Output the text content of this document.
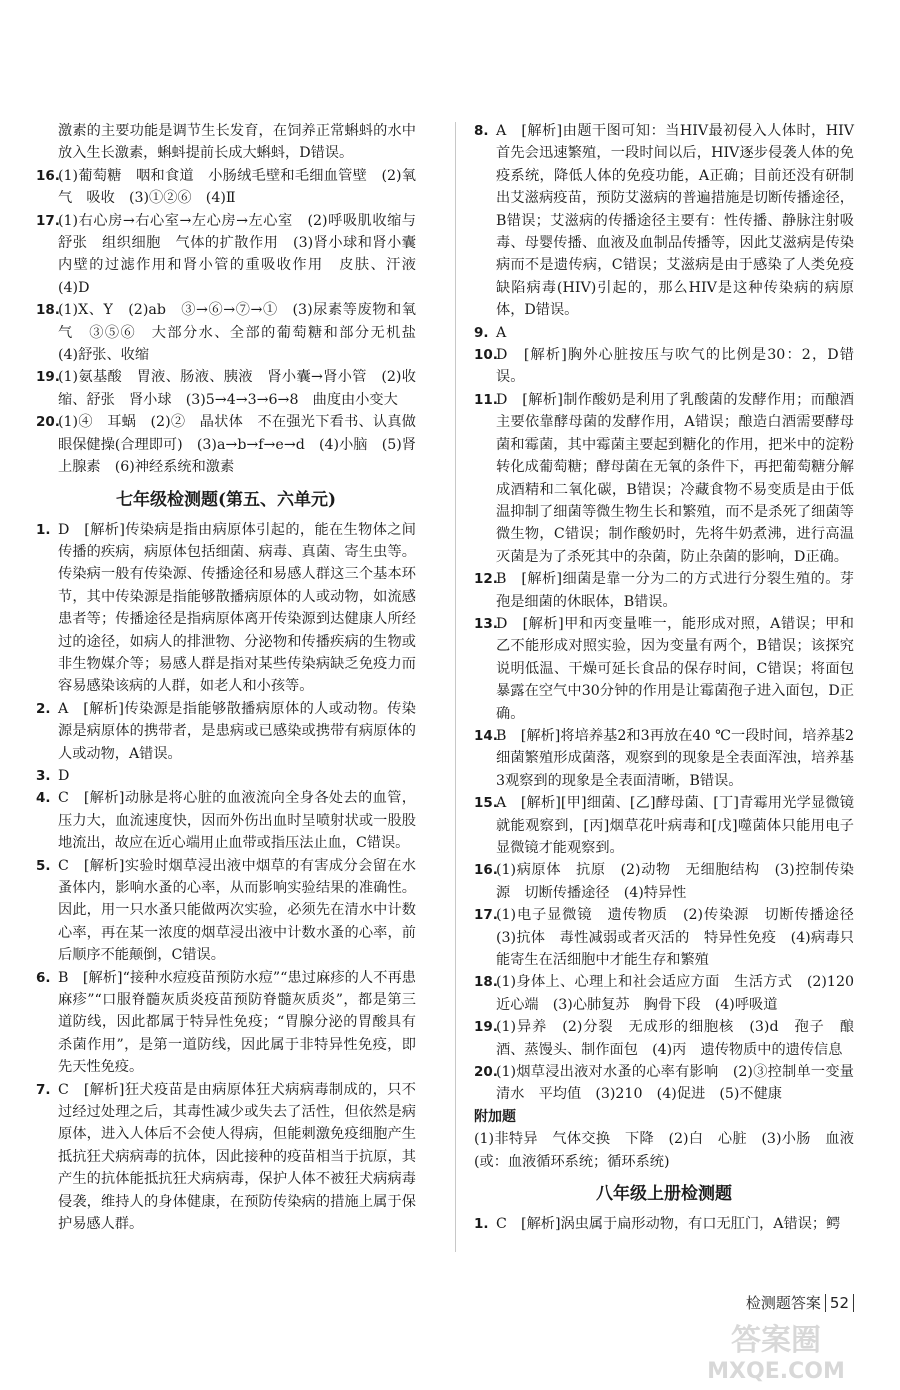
激素的主要功能是调节生长发育，在饲养正常蝌蚪的水中放入生长激素，蝌蚪提前长成大蝌蚪，D错误。
16.
(1)葡萄糖　咽和食道　小肠绒毛壁和毛细血管壁　(2)氧气　吸收　(3)①②⑥　(4)Ⅱ
17.
(1)右心房→右心室→左心房→左心室　(2)呼吸肌收缩与舒张　组织细胞　气体的扩散作用　(3)肾小球和肾小囊内壁的过滤作用和肾小管的重吸收作用　皮肤、汗液　(4)D
18.
(1)X、Y　(2)ab　③→⑥→⑦→①　(3)尿素等废物和氧气　③⑤⑥　大部分水、全部的葡萄糖和部分无机盐　(4)舒张、收缩
19.
(1)氨基酸　胃液、肠液、胰液　肾小囊→肾小管　(2)收缩、舒张　肾小球　(3)5→4→3→6→8　曲度由小变大
20.
(1)④　耳蜗　(2)②　晶状体　不在强光下看书、认真做眼保健操(合理即可)　(3)a→b→f→e→d　(4)小脑　(5)肾上腺素　(6)神经系统和激素
七年级检测题(第五、六单元)
1. D　[解析]传染病是指由病原体引起的，能在生物体之间传播的疾病，病原体包括细菌、病毒、真菌、寄生虫等。传染病一般有传染源、传播途径和易感人群这三个基本环节，其中传染源是指能够散播病原体的人或动物，如流感患者等；传播途径是指病原体离开传染源到达健康人所经过的途径，如病人的排泄物、分泌物和传播疾病的生物或非生物媒介等；易感人群是指对某些传染病缺乏免疫力而容易感染该病的人群，如老人和小孩等。
2. A　[解析]传染源是指能够散播病原体的人或动物。传染源是病原体的携带者，是患病或已感染或携带有病原体的人或动物，A错误。
3. D
4. C　[解析]动脉是将心脏的血液流向全身各处去的血管，压力大，血流速度快，因而外伤出血时呈喷射状或一股股地流出，故应在近心端用止血带或指压法止血，C错误。
5. C　[解析]实验时烟草浸出液中烟草的有害成分会留在水蚤体内，影响水蚤的心率，从而影响实验结果的准确性。因此，用一只水蚤只能做两次实验，必须先在清水中计数心率，再在某一浓度的烟草浸出液中计数水蚤的心率，前后顺序不能颠倒，C错误。
6. B　[解析]“接种水痘疫苗预防水痘”“患过麻疹的人不再患麻疹”“口服脊髓灰质炎疫苗预防脊髓灰质炎”，都是第三道防线，因此都属于特异性免疫；“胃腺分泌的胃酸具有杀菌作用”，是第一道防线，因此属于非特异性免疫，即先天性免疫。
7. C　[解析]狂犬疫苗是由病原体狂犬病病毒制成的，只不过经过处理之后，其毒性减少或失去了活性，但依然是病原体，进入人体后不会使人得病，但能刺激免疫细胞产生抵抗狂犬病病毒的抗体，因此接种的疫苗相当于抗原，其产生的抗体能抵抗狂犬病病毒，保护人体不被狂犬病病毒侵袭，维持人的身体健康，在预防传染病的措施上属于保护易感人群。
8. A　[解析]由题干图可知：当HIV最初侵入人体时，HIV首先会迅速繁殖，一段时间以后，HIV逐步侵袭人体的免疫系统，降低人体的免疫功能，A正确；目前还没有研制出艾滋病疫苗，预防艾滋病的普遍措施是切断传播途径，B错误；艾滋病的传播途径主要有：性传播、静脉注射吸毒、母婴传播、血液及血制品传播等，因此艾滋病是传染病而不是遗传病，C错误；艾滋病是由于感染了人类免疫缺陷病毒(HIV)引起的，那么HIV是这种传染病的病原体，D错误。
9. A
10.
D　[解析]胸外心脏按压与吹气的比例是30：2，D错误。
11.
D　[解析]制作酸奶是利用了乳酸菌的发酵作用；而酿酒主要依靠酵母菌的发酵作用，A错误；酿造白酒需要酵母菌和霉菌，其中霉菌主要起到糖化的作用，把米中的淀粉转化成葡萄糖；酵母菌在无氧的条件下，再把葡萄糖分解成酒精和二氧化碳，B错误；冷藏食物不易变质是由于低温抑制了细菌等微生物生长和繁殖，而不是杀死了细菌等微生物，C错误；制作酸奶时，先将牛奶煮沸，进行高温灭菌是为了杀死其中的杂菌，防止杂菌的影响，D正确。
12.
B　[解析]细菌是靠一分为二的方式进行分裂生殖的。芽孢是细菌的休眠体，B错误。
13.
D　[解析]甲和丙变量唯一，能形成对照，A错误；甲和乙不能形成对照实验，因为变量有两个，B错误；该探究说明低温、干燥可延长食品的保存时间，C错误；将面包暴露在空气中30分钟的作用是让霉菌孢子进入面包，D正确。
14.
B　[解析]将培养基2和3再放在40 ℃一段时间，培养基2细菌繁殖形成菌落，观察到的现象是全表面浑浊，培养基3观察到的现象是全表面清晰，B错误。
15.
A　[解析][甲]细菌、[乙]酵母菌、[丁]青霉用光学显微镜就能观察到，[丙]烟草花叶病毒和[戊]噬菌体只能用电子显微镜才能观察到。
16.
(1)病原体　抗原　(2)动物　无细胞结构　(3)控制传染源　切断传播途径　(4)特异性
17.
(1)电子显微镜　遗传物质　(2)传染源　切断传播途径　(3)抗体　毒性减弱或者灭活的　特异性免疫　(4)病毒只能寄生在活细胞中才能生存和繁殖
18.
(1)身体上、心理上和社会适应方面　生活方式　(2)120　近心端　(3)心肺复苏　胸骨下段　(4)呼吸道
19.
(1)异养　(2)分裂　无成形的细胞核　(3)d　孢子　酿酒、蒸馒头、制作面包　(4)丙　遗传物质中的遗传信息
20.
(1)烟草浸出液对水蚤的心率有影响　(2)③控制单一变量　清水　平均值　(3)210　(4)促进　(5)不健康
附加题
(1)非特异　气体交换　下降　(2)白　心脏　(3)小肠　血液(或：血液循环系统；循环系统)
八年级上册检测题
1. C　[解析]涡虫属于扁形动物，有口无肛门，A错误；鳄
检测题答案 52
答案圈
MXQE.COM
